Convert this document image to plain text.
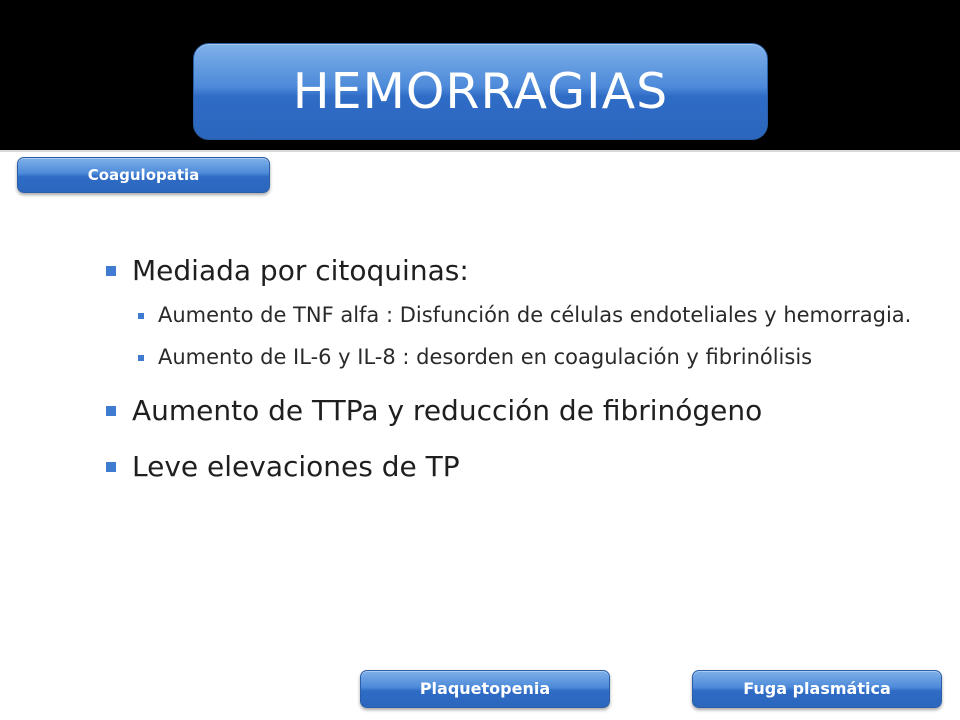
HEMORRAGIAS
Coagulopatia
Mediada por citoquinas:
Aumento de TNF alfa : Disfunción de células endoteliales y hemorragia.
Aumento de IL-6 y IL-8 : desorden en coagulación y fibrinólisis
Aumento de TTPa y reducción de fibrinógeno
Leve elevaciones de TP
Plaquetopenia	Fuga plasmática
